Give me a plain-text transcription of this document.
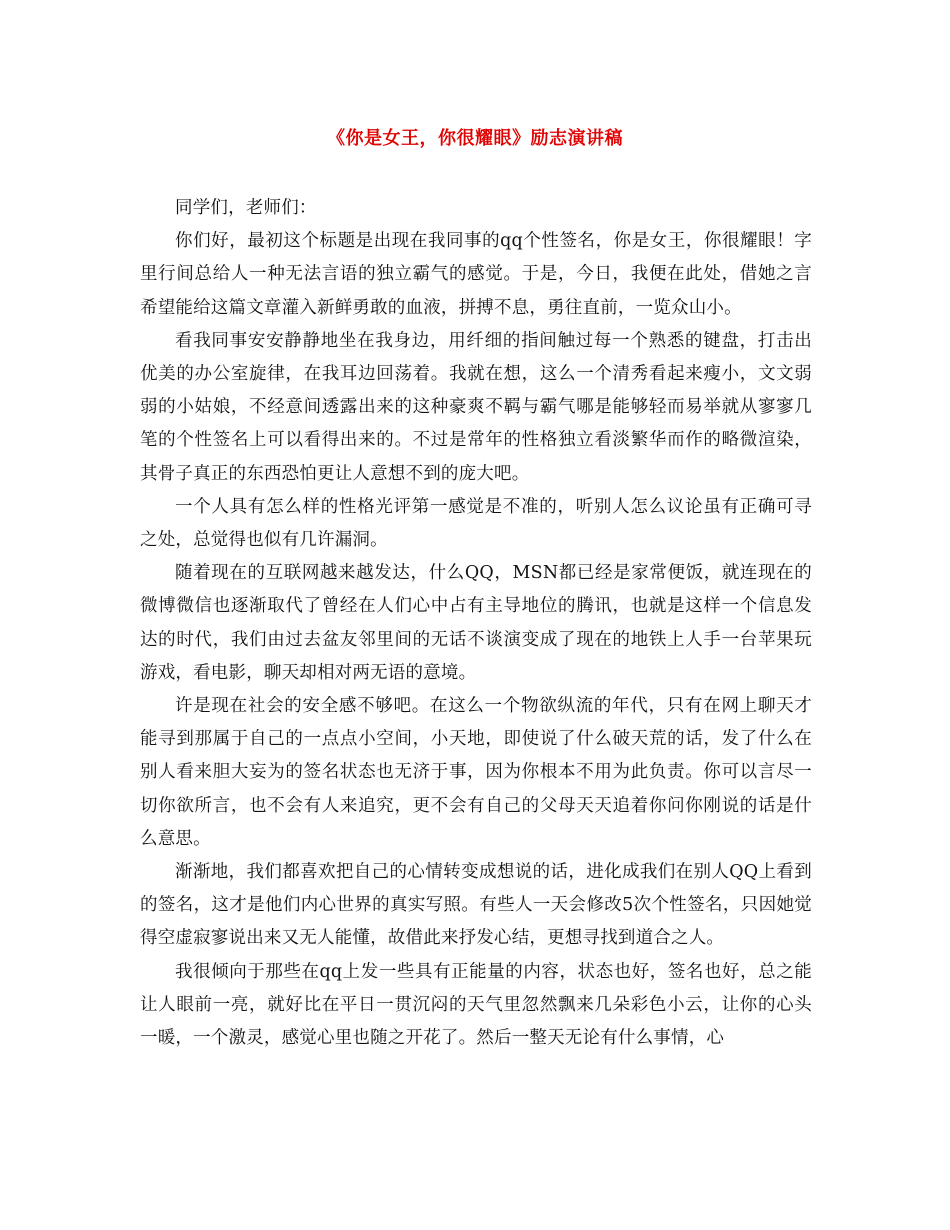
《你是女王，你很耀眼》励志演讲稿

同学们，老师们：

你们好，最初这个标题是出现在我同事的qq个性签名，你是女王，你很耀眼！字里行间总给人一种无法言语的独立霸气的感觉。于是，今日，我便在此处，借她之言希望能给这篇文章灌入新鲜勇敢的血液，拼搏不息，勇往直前，一览众山小。

看我同事安安静静地坐在我身边，用纤细的指间触过每一个熟悉的键盘，打击出优美的办公室旋律，在我耳边回荡着。我就在想，这么一个清秀看起来瘦小，文文弱弱的小姑娘，不经意间透露出来的这种豪爽不羁与霸气哪是能够轻而易举就从寥寥几笔的个性签名上可以看得出来的。不过是常年的性格独立看淡繁华而作的略微渲染，其骨子真正的东西恐怕更让人意想不到的庞大吧。

一个人具有怎么样的性格光评第一感觉是不准的，听别人怎么议论虽有正确可寻之处，总觉得也似有几许漏洞。

随着现在的互联网越来越发达，什么QQ，MSN都已经是家常便饭，就连现在的微博微信也逐渐取代了曾经在人们心中占有主导地位的腾讯，也就是这样一个信息发达的时代，我们由过去盆友邻里间的无话不谈演变成了现在的地铁上人手一台苹果玩游戏，看电影，聊天却相对两无语的意境。

许是现在社会的安全感不够吧。在这么一个物欲纵流的年代，只有在网上聊天才能寻到那属于自己的一点点小空间，小天地，即使说了什么破天荒的话，发了什么在别人看来胆大妄为的签名状态也无济于事，因为你根本不用为此负责。你可以言尽一切你欲所言，也不会有人来追究，更不会有自己的父母天天追着你问你刚说的话是什么意思。

渐渐地，我们都喜欢把自己的心情转变成想说的话，进化成我们在别人QQ上看到的签名，这才是他们内心世界的真实写照。有些人一天会修改5次个性签名，只因她觉得空虚寂寥说出来又无人能懂，故借此来抒发心结，更想寻找到道合之人。

我很倾向于那些在qq上发一些具有正能量的内容，状态也好，签名也好，总之能让人眼前一亮，就好比在平日一贯沉闷的天气里忽然飘来几朵彩色小云，让你的心头一暖，一个激灵，感觉心里也随之开花了。然后一整天无论有什么事情，心
